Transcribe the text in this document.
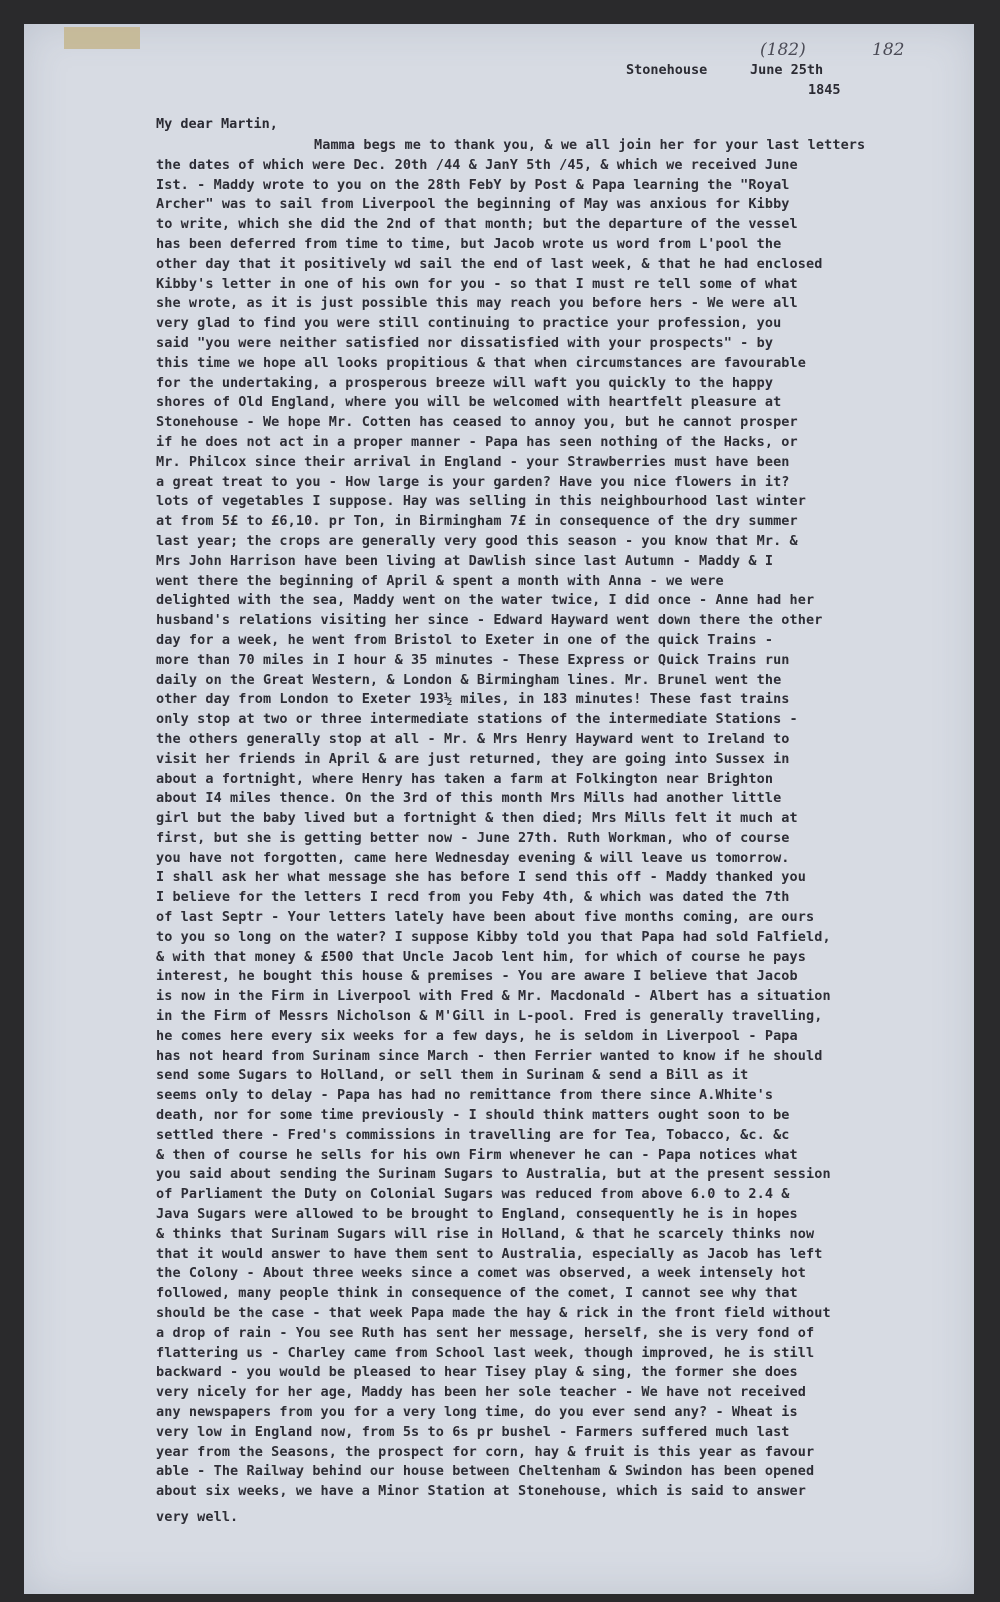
(182)	182
Stonehouse	June 25th
1845
My dear Martin,
Mamma begs me to thank you, & we all join her for your last letters
the dates of which were Dec. 20th /44 & JanY 5th /45, & which we received June
Ist. - Maddy wrote to you on the 28th FebY by Post & Papa learning the "Royal
Archer" was to sail from Liverpool the beginning of May was anxious for Kibby
to write, which she did the 2nd of that month; but the departure of the vessel
has been deferred from time to time, but Jacob wrote us word from L'pool the
other day that it positively wd sail the end of last week, & that he had enclosed
Kibby's letter in one of his own for you - so that I must re tell some of what
she wrote, as it is just possible this may reach you before hers - We were all
very glad to find you were still continuing to practice your profession, you
said "you were neither satisfied nor dissatisfied with your prospects" - by
this time we hope all looks propitious & that when circumstances are favourable
for the undertaking, a prosperous breeze will waft you quickly to the happy
shores of Old England, where you will be welcomed with heartfelt pleasure at
Stonehouse - We hope Mr. Cotten has ceased to annoy you, but he cannot prosper
if he does not act in a proper manner - Papa has seen nothing of the Hacks, or
Mr. Philcox since their arrival in England - your Strawberries must have been
a great treat to you - How large is your garden? Have you nice flowers in it?
lots of vegetables I suppose. Hay was selling in this neighbourhood last winter
at from 5£ to £6,10. pr Ton, in Birmingham 7£ in consequence of the dry summer
last year; the crops are generally very good this season - you know that Mr. &
Mrs John Harrison have been living at Dawlish since last Autumn - Maddy & I
went there the beginning of April & spent a month with Anna - we were
delighted with the sea, Maddy went on the water twice, I did once - Anne had her
husband's relations visiting her since - Edward Hayward went down there the other
day for a week, he went from Bristol to Exeter in one of the quick Trains -
more than 70 miles in I hour & 35 minutes - These Express or Quick Trains run
daily on the Great Western, & London & Birmingham lines. Mr. Brunel went the
other day from London to Exeter 193½ miles, in 183 minutes! These fast trains
only stop at two or three intermediate stations of the intermediate Stations -
the others generally stop at all - Mr. & Mrs Henry Hayward went to Ireland to
visit her friends in April & are just returned, they are going into Sussex in
about a fortnight, where Henry has taken a farm at Folkington near Brighton
about I4 miles thence. On the 3rd of this month Mrs Mills had another little
girl but the baby lived but a fortnight & then died; Mrs Mills felt it much at
first, but she is getting better now - June 27th. Ruth Workman, who of course
you have not forgotten, came here Wednesday evening & will leave us tomorrow.
I shall ask her what message she has before I send this off - Maddy thanked you
I believe for the letters I recd from you Feby 4th, & which was dated the 7th
of last Septr - Your letters lately have been about five months coming, are ours
to you so long on the water? I suppose Kibby told you that Papa had sold Falfield,
& with that money & £500 that Uncle Jacob lent him, for which of course he pays
interest, he bought this house & premises - You are aware I believe that Jacob
is now in the Firm in Liverpool with Fred & Mr. Macdonald - Albert has a situation
in the Firm of Messrs Nicholson & M'Gill in L-pool. Fred is generally travelling,
he comes here every six weeks for a few days, he is seldom in Liverpool - Papa
has not heard from Surinam since March - then Ferrier wanted to know if he should
send some Sugars to Holland, or sell them in Surinam & send a Bill as it
seems only to delay - Papa has had no remittance from there since A.White's
death, nor for some time previously - I should think matters ought soon to be
settled there - Fred's commissions in travelling are for Tea, Tobacco, &c. &c
& then of course he sells for his own Firm whenever he can - Papa notices what
you said about sending the Surinam Sugars to Australia, but at the present session
of Parliament the Duty on Colonial Sugars was reduced from above 6.0 to 2.4 &
Java Sugars were allowed to be brought to England, consequently he is in hopes
& thinks that Surinam Sugars will rise in Holland, & that he scarcely thinks now
that it would answer to have them sent to Australia, especially as Jacob has left
the Colony - About three weeks since a comet was observed, a week intensely hot
followed, many people think in consequence of the comet, I cannot see why that
should be the case - that week Papa made the hay & rick in the front field without
a drop of rain - You see Ruth has sent her message, herself, she is very fond of
flattering us - Charley came from School last week, though improved, he is still
backward - you would be pleased to hear Tisey play & sing, the former she does
very nicely for her age, Maddy has been her sole teacher - We have not received
any newspapers from you for a very long time, do you ever send any? - Wheat is
very low in England now, from 5s to 6s pr bushel - Farmers suffered much last
year from the Seasons, the prospect for corn, hay & fruit is this year as favour
able - The Railway behind our house between Cheltenham & Swindon has been opened
about six weeks, we have a Minor Station at Stonehouse, which is said to answer
very well.
